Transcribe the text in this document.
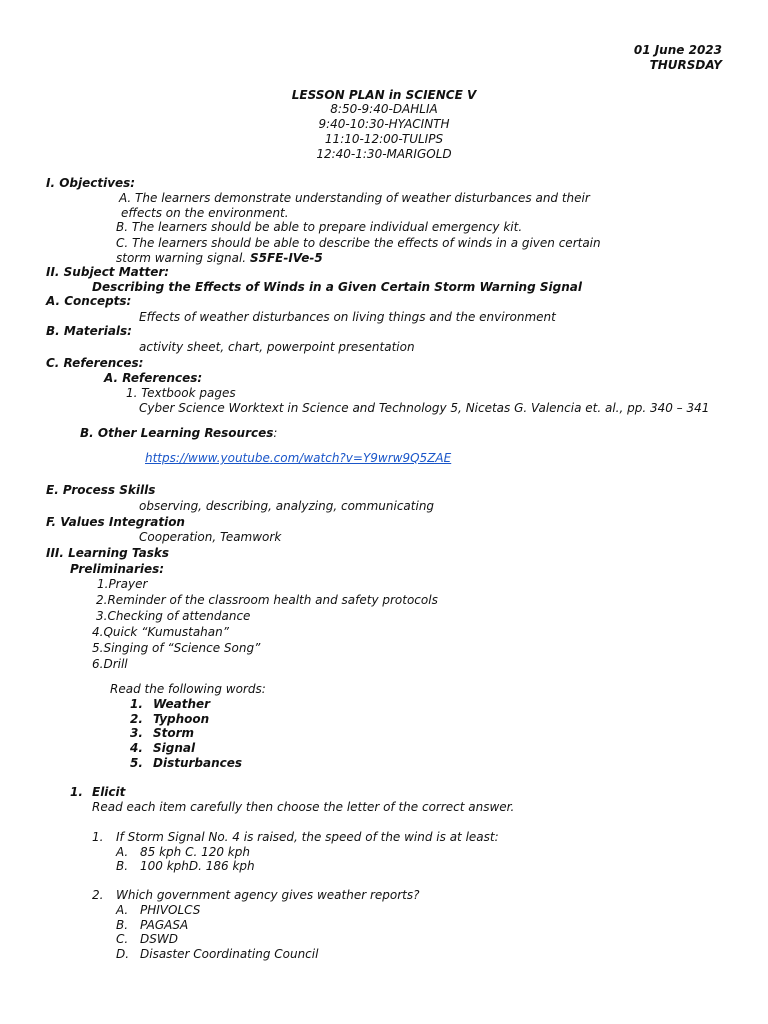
01 June 2023
THURSDAY
LESSON PLAN in SCIENCE V
8:50-9:40-DAHLIA
9:40-10:30-HYACINTH
11:10-12:00-TULIPS
12:40-1:30-MARIGOLD
I. Objectives:
A. The learners demonstrate understanding of weather disturbances and their
effects on the environment.
B. The learners should be able to prepare individual emergency kit.
C. The learners should be able to describe the effects of winds in a given certain
storm warning signal. S5FE-IVe-5
II. Subject Matter:
Describing the Effects of Winds in a Given Certain Storm Warning Signal
A. Concepts:
Effects of weather disturbances on living things and the environment
B. Materials:
activity sheet, chart, powerpoint presentation
C. References:
A. References:
1. Textbook pages
Cyber Science Worktext in Science and Technology 5, Nicetas G. Valencia et. al., pp. 340 – 341
B. Other Learning Resources:
https://www.youtube.com/watch?v=Y9wrw9Q5ZAE
E. Process Skills
observing, describing, analyzing, communicating
F. Values Integration
Cooperation, Teamwork
III. Learning Tasks
Preliminaries:
1.Prayer
2.Reminder of the classroom health and safety protocols
3.Checking of attendance
4.Quick “Kumustahan”
5.Singing of “Science Song”
6.Drill
Read the following words:
1. Weather
2. Typhoon
3. Storm
4. Signal
5. Disturbances
1. Elicit
Read each item carefully then choose the letter of the correct answer.
1. If Storm Signal No. 4 is raised, the speed of the wind is at least:
A. 85 kph C. 120 kph
B. 100 kphD. 186 kph
2. Which government agency gives weather reports?
A. PHIVOLCS
B. PAGASA
C. DSWD
D. Disaster Coordinating Council
